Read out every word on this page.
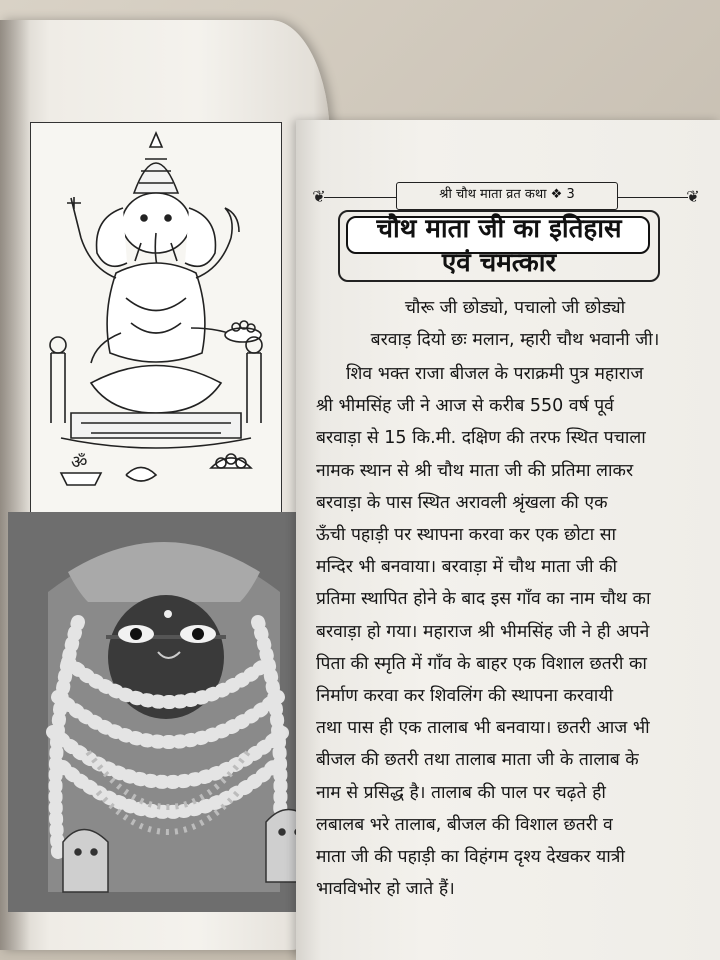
ॐ
❦	❦
श्री चौथ माता व्रत कथा ❖ 3
चौथ माता जी का इतिहास
एवं चमत्कार
चौरू जी छोड्यो, पचालो जी छोड्यो
बरवाड़ दियो छः मलान, म्हारी चौथ भवानी जी।
शिव भक्त राजा बीजल के पराक्रमी पुत्र महाराज
श्री भीमसिंह जी ने आज से करीब 550 वर्ष पूर्व
बरवाड़ा से 15 कि.मी. दक्षिण की तरफ स्थित पचाला
नामक स्थान से श्री चौथ माता जी की प्रतिमा लाकर
बरवाड़ा के पास स्थित अरावली श्रृंखला की एक
ऊँची पहाड़ी पर स्थापना करवा कर एक छोटा सा
मन्दिर भी बनवाया। बरवाड़ा में चौथ माता जी की
प्रतिमा स्थापित होने के बाद इस गाँव का नाम चौथ का
बरवाड़ा हो गया। महाराज श्री भीमसिंह जी ने ही अपने
पिता की स्मृति में गाँव के बाहर एक विशाल छतरी का
निर्माण करवा कर शिवलिंग की स्थापना करवायी
तथा पास ही एक तालाब भी बनवाया। छतरी आज भी
बीजल की छतरी तथा तालाब माता जी के तालाब के
नाम से प्रसिद्ध है। तालाब की पाल पर चढ़ते ही
लबालब भरे तालाब, बीजल की विशाल छतरी व
माता जी की पहाड़ी का विहंगम दृश्य देखकर यात्री
भावविभोर हो जाते हैं।
